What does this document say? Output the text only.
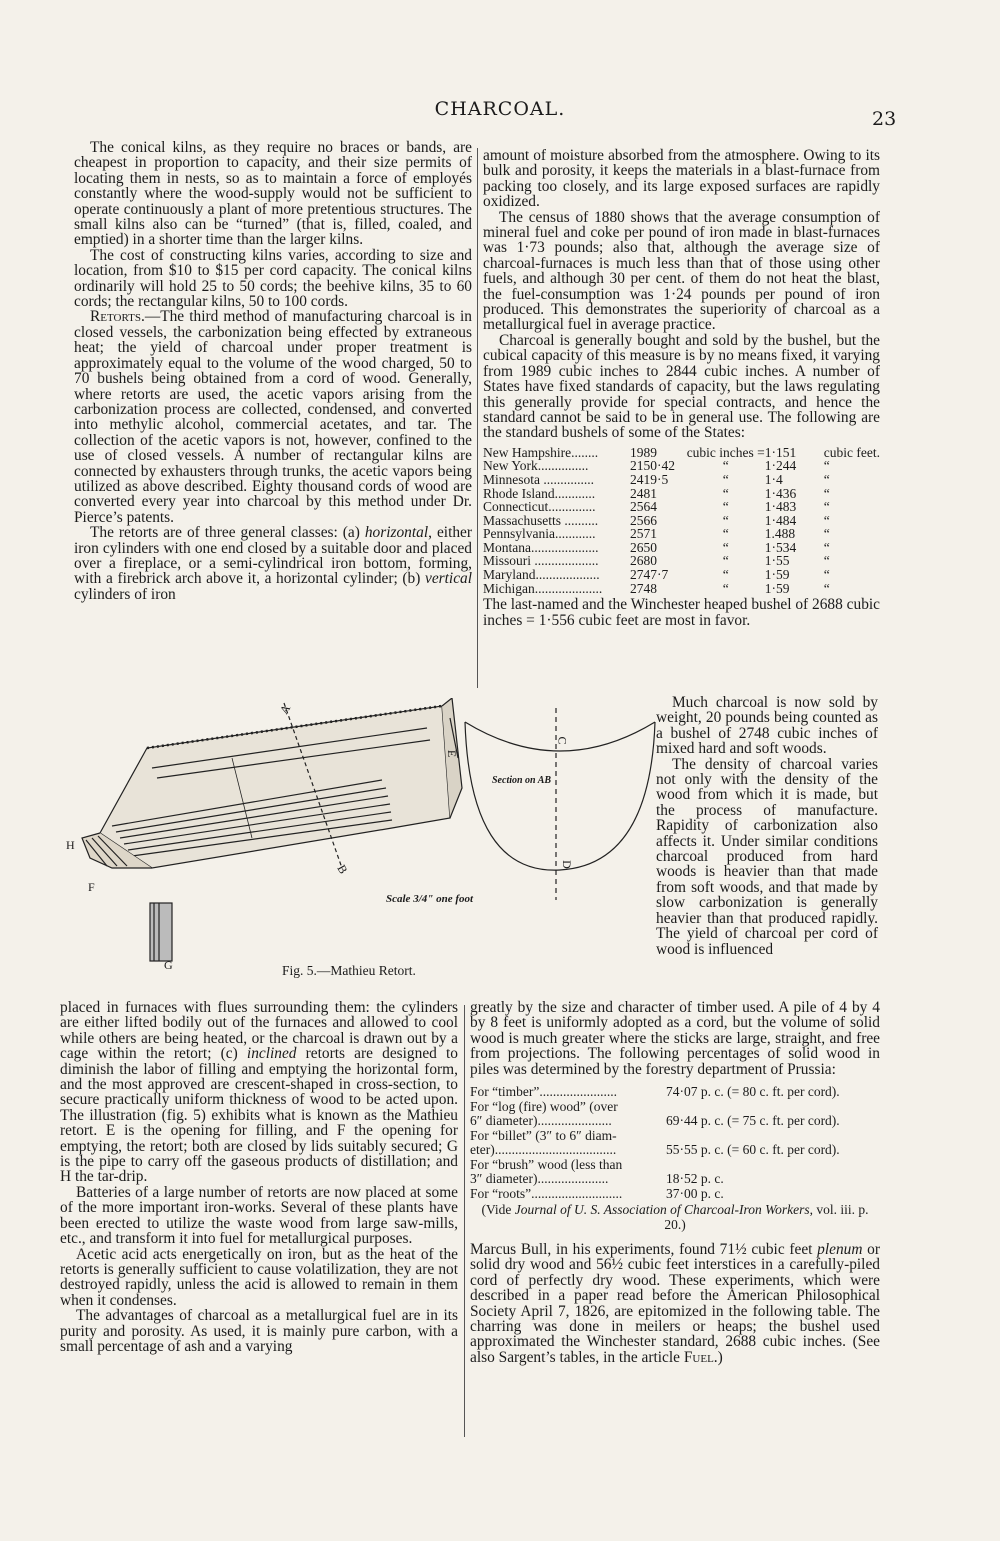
CHARCOAL.	23

The conical kilns, as they require no braces or bands, are cheapest in proportion to capacity, and their size permits of locating them in nests, so as to maintain a force of employés constantly where the wood-supply would not be sufficient to operate continuously a plant of more pretentious structures. The small kilns also can be “turned” (that is, filled, coaled, and emptied) in a shorter time than the larger kilns.

The cost of constructing kilns varies, according to size and location, from $10 to $15 per cord capacity. The conical kilns ordinarily will hold 25 to 50 cords; the beehive kilns, 35 to 60 cords; the rectangular kilns, 50 to 100 cords.

Retorts.—The third method of manufacturing charcoal is in closed vessels, the carbonization being effected by extraneous heat; the yield of charcoal under proper treatment is approximately equal to the volume of the wood charged, 50 to 70 bushels being obtained from a cord of wood. Generally, where retorts are used, the acetic vapors arising from the carbonization process are collected, condensed, and converted into methylic alcohol, commercial acetates, and tar. The collection of the acetic vapors is not, however, confined to the use of closed vessels. A number of rectangular kilns are connected by exhausters through trunks, the acetic vapors being utilized as above described. Eighty thousand cords of wood are converted every year into charcoal by this method under Dr. Pierce’s patents.

The retorts are of three general classes: (a) horizontal, either iron cylinders with one end closed by a suitable door and placed over a fireplace, or a semi-cylindrical iron bottom, forming, with a firebrick arch above it, a horizontal cylinder; (b) vertical cylinders of iron

amount of moisture absorbed from the atmosphere. Owing to its bulk and porosity, it keeps the materials in a blast-furnace from packing too closely, and its large exposed surfaces are rapidly oxidized.

The census of 1880 shows that the average consumption of mineral fuel and coke per pound of iron made in blast-furnaces was 1·73 pounds; also that, although the average size of charcoal-furnaces is much less than that of those using other fuels, and although 30 per cent. of them do not heat the blast, the fuel-consumption was 1·24 pounds per pound of iron produced. This demonstrates the superiority of charcoal as a metallurgical fuel in average practice.

Charcoal is generally bought and sold by the bushel, but the cubical capacity of this measure is by no means fixed, it varying from 1989 cubic inches to 2844 cubic inches. A number of States have fixed standards of capacity, but the laws regulating this generally provide for special contracts, and hence the standard cannot be said to be in general use. The following are the standard bushels of some of the States:

New Hampshire........	1989	cubic inches =	1·151	cubic feet.
New York...............	2150·42	“	1·244	“
Minnesota ...............	2419·5	“	1·4	“
Rhode Island............	2481	“	1·436	“
Connecticut..............	2564	“	1·483	“
Massachusetts ..........	2566	“	1·484	“
Pennsylvania............	2571	“	1.488	“
Montana....................	2650	“	1·534	“
Missouri ...................	2680	“	1·55	“
Maryland...................	2747·7	“	1·59	“
Michigan....................	2748	“	1·59	“

The last-named and the Winchester heaped bushel of 2688 cubic inches = 1·556 cubic feet are most in favor.

A
E
H
F
B
G
Scale 3/4" one foot
C
D
Section on AB
Fig. 5.—Mathieu Retort.

Much charcoal is now sold by weight, 20 pounds being counted as a bushel of 2748 cubic inches of mixed hard and soft woods.

The density of charcoal varies not only with the density of the wood from which it is made, but the process of manufacture. Rapidity of carbonization also affects it. Under similar conditions charcoal produced from hard woods is heavier than that made from soft woods, and that made by slow carbonization is generally heavier than that produced rapidly. The yield of charcoal per cord of wood is influenced

placed in furnaces with flues surrounding them: the cylinders are either lifted bodily out of the furnaces and allowed to cool while others are being heated, or the charcoal is drawn out by a cage within the retort; (c) inclined retorts are designed to diminish the labor of filling and emptying the horizontal form, and the most approved are crescent-shaped in cross-section, to secure practically uniform thickness of wood to be acted upon. The illustration (fig. 5) exhibits what is known as the Mathieu retort. E is the opening for filling, and F the opening for emptying, the retort; both are closed by lids suitably secured; G is the pipe to carry off the gaseous products of distillation; and H the tar-drip.

Batteries of a large number of retorts are now placed at some of the more important iron-works. Several of these plants have been erected to utilize the waste wood from large saw-mills, etc., and transform it into fuel for metallurgical purposes.

Acetic acid acts energetically on iron, but as the heat of the retorts is generally sufficient to cause volatilization, they are not destroyed rapidly, unless the acid is allowed to remain in them when it condenses.

The advantages of charcoal as a metallurgical fuel are in its purity and porosity. As used, it is mainly pure carbon, with a small percentage of ash and a varying

greatly by the size and character of timber used. A pile of 4 by 4 by 8 feet is uniformly adopted as a cord, but the volume of solid wood is much greater where the sticks are large, straight, and free from projections. The following percentages of solid wood in piles was determined by the forestry department of Prussia:

For “timber”.......................	74·07 p. c. (= 80 c. ft. per cord).
For “log (fire) wood” (over	
6″ diameter)......................	69·44 p. c. (= 75 c. ft. per cord).
For “billet” (3″ to 6″ diam-	
eter)....................................	55·55 p. c. (= 60 c. ft. per cord).
For “brush” wood (less than	
3″ diameter).....................	18·52 p. c.
For “roots”...........................	37·00 p. c.
(Vide Journal of U. S. Association of Charcoal-Iron Workers, vol. iii. p. 20.)

Marcus Bull, in his experiments, found 71½ cubic feet plenum or solid dry wood and 56½ cubic feet interstices in a carefully-piled cord of perfectly dry wood. These experiments, which were described in a paper read before the American Philosophical Society April 7, 1826, are epitomized in the following table. The charring was done in meilers or heaps; the bushel used approximated the Winchester standard, 2688 cubic inches. (See also Sargent’s tables, in the article Fuel.)
